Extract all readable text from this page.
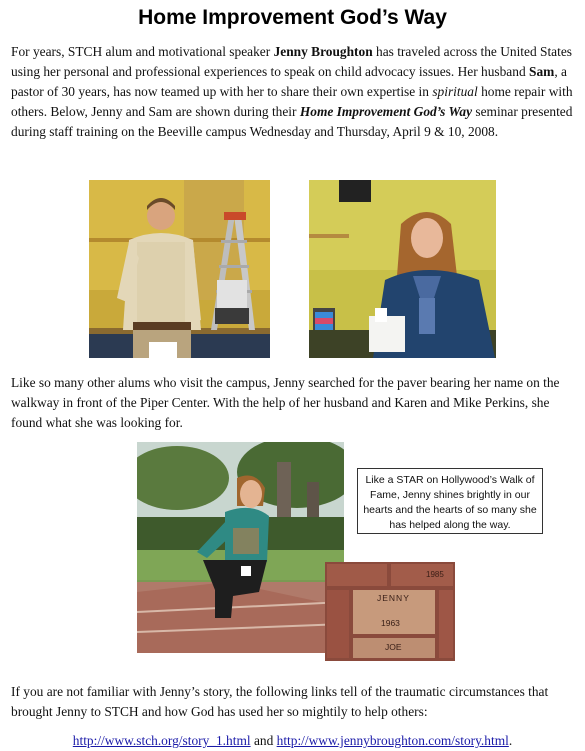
Home Improvement God’s Way

For years, STCH alum and motivational speaker Jenny Broughton has traveled across the United States using her personal and professional experiences to speak on child advocacy issues. Her husband Sam, a pastor of 30 years, has now teamed up with her to share their own expertise in spiritual home repair with others. Below, Jenny and Sam are shown during their Home Improvement God’s Way seminar presented during staff training on the Beeville campus Wednesday and Thursday, April 9 & 10, 2008.

Like so many other alums who visit the campus, Jenny searched for the paver bearing her name on the walkway in front of the Piper Center. With the help of her husband and Karen and Mike Perkins, she found what she was looking for.

Like a STAR on Hollywood’s Walk of Fame, Jenny shines brightly in our hearts and the hearts of so many she has helped along the way.
1985
JENNY
1963
JOE

If you are not familiar with Jenny’s story, the following links tell of the traumatic circumstances that brought Jenny to STCH and how God has used her so mightily to help others:

http://www.stch.org/story_1.html and http://www.jennybroughton.com/story.html.
